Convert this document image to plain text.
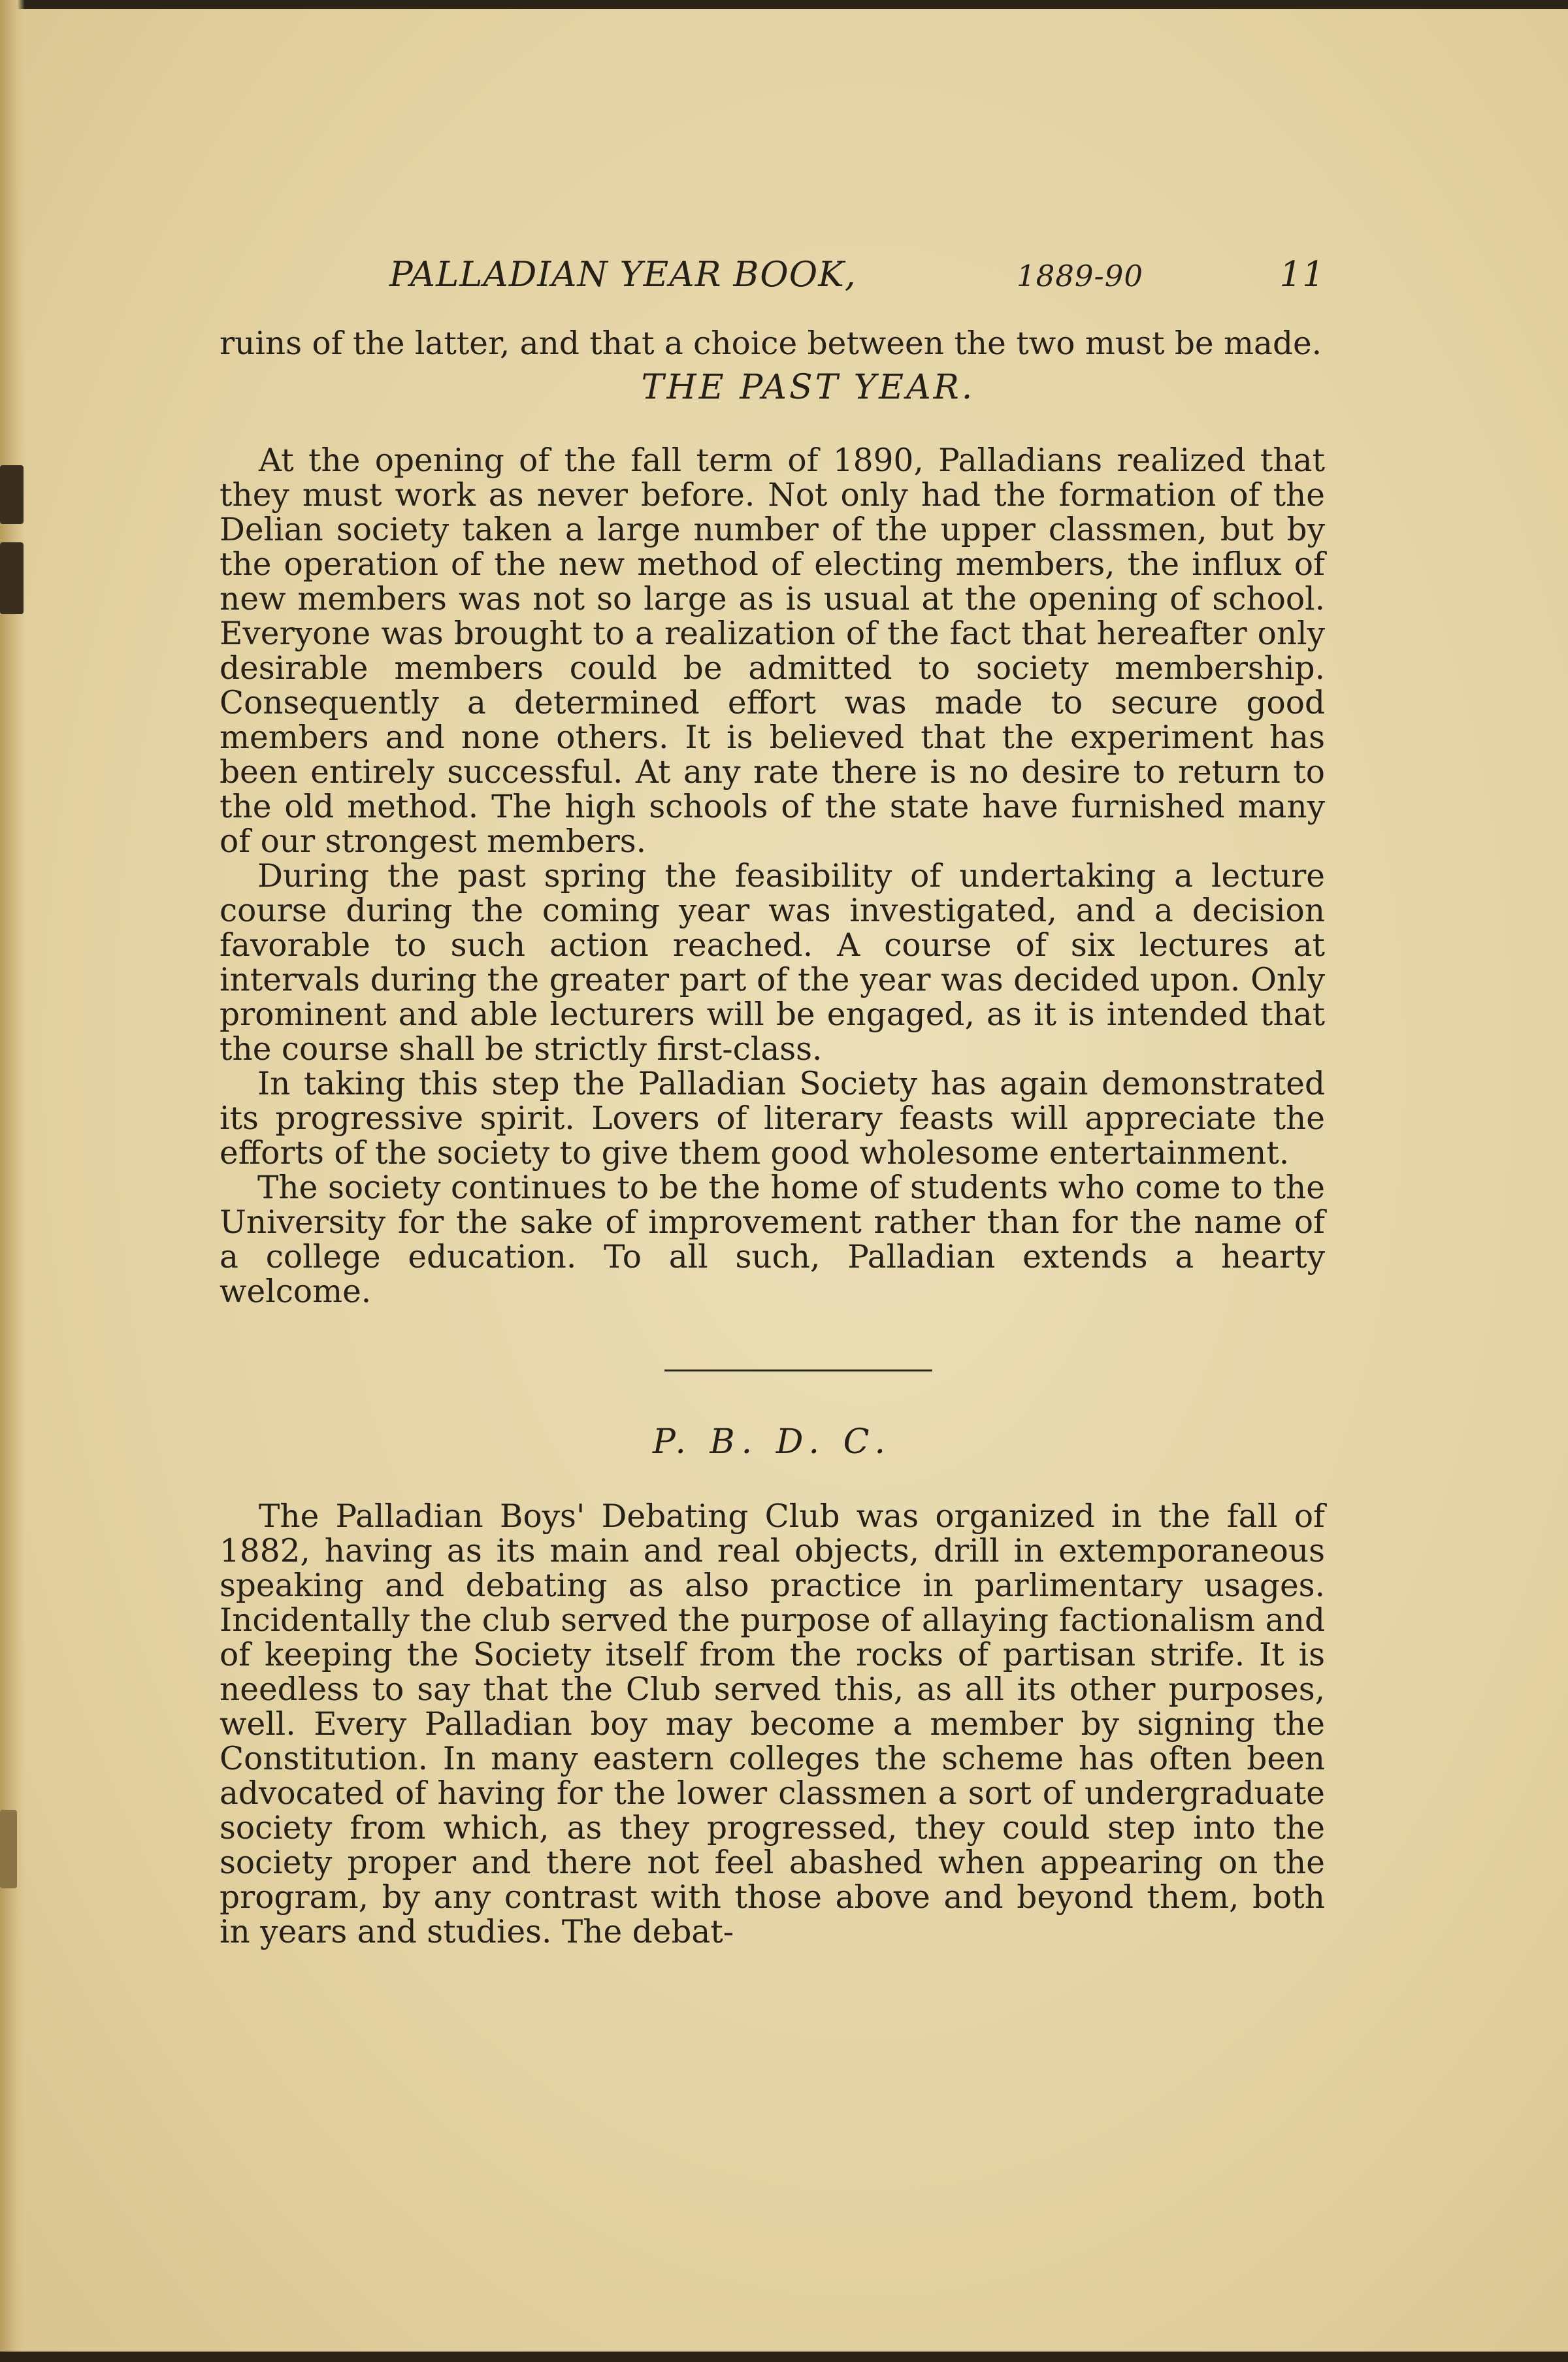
PALLADIAN YEAR BOOK,	1889-90	11

ruins of the latter, and that a choice between the two must be made.

THE PAST YEAR.

At the opening of the fall term of 1890, Palladians realized that they must work as never before. Not only had the formation of the Delian society taken a large number of the upper classmen, but by the operation of the new method of electing members, the influx of new members was not so large as is usual at the opening of school. Everyone was brought to a realization of the fact that hereafter only desirable members could be admitted to society membership. Consequently a determined effort was made to secure good members and none others. It is believed that the experiment has been entirely successful. At any rate there is no desire to return to the old method. The high schools of the state have furnished many of our strongest members.

During the past spring the feasibility of undertaking a lecture course during the coming year was investigated, and a decision favorable to such action reached. A course of six lectures at intervals during the greater part of the year was decided upon. Only prominent and able lecturers will be engaged, as it is intended that the course shall be strictly first-class.

In taking this step the Palladian Society has again demonstrated its progressive spirit. Lovers of literary feasts will appreciate the efforts of the society to give them good wholesome entertainment.

The society continues to be the home of students who come to the University for the sake of improvement rather than for the name of a college education. To all such, Palladian extends a hearty welcome.

P. B. D. C.

The Palladian Boys' Debating Club was organized in the fall of 1882, having as its main and real objects, drill in extemporaneous speaking and debating as also practice in parlimentary usages. Incidentally the club served the purpose of allaying factionalism and of keeping the Society itself from the rocks of partisan strife. It is needless to say that the Club served this, as all its other purposes, well. Every Palladian boy may become a member by signing the Constitution. In many eastern colleges the scheme has often been advocated of having for the lower classmen a sort of undergraduate society from which, as they progressed, they could step into the society proper and there not feel abashed when appearing on the program, by any contrast with those above and beyond them, both in years and studies. The debat-
